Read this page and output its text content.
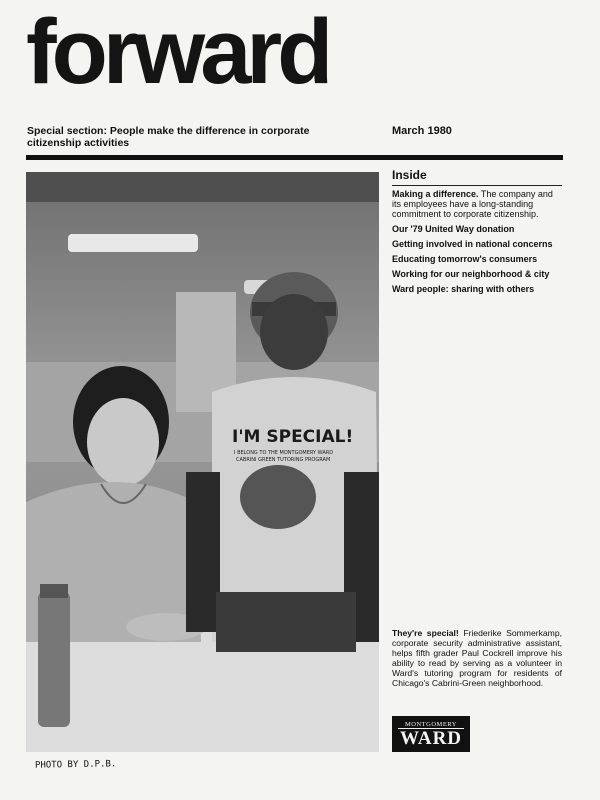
forward
Special section: People make the difference in corporate citizenship activities
March 1980
I'M SPECIAL!
I BELONG TO THE MONTGOMERY WARD
CABRINI GREEN TUTORING PROGRAM
Inside
Making a difference. The company and its employees have a long-standing commitment to corporate citizenship.
Our '79 United Way donation
Getting involved in national concerns
Educating tomorrow's consumers
Working for our neighborhood & city
Ward people: sharing with others
They're special! Friederike Sommerkamp, corporate security administrative assistant, helps fifth grader Paul Cockrell improve his ability to read by serving as a volunteer in Ward's tutoring program for residents of Chicago's Cabrini-Green neighborhood.
MONTGOMERY
WARD
PHOTO BY D.P.B.
